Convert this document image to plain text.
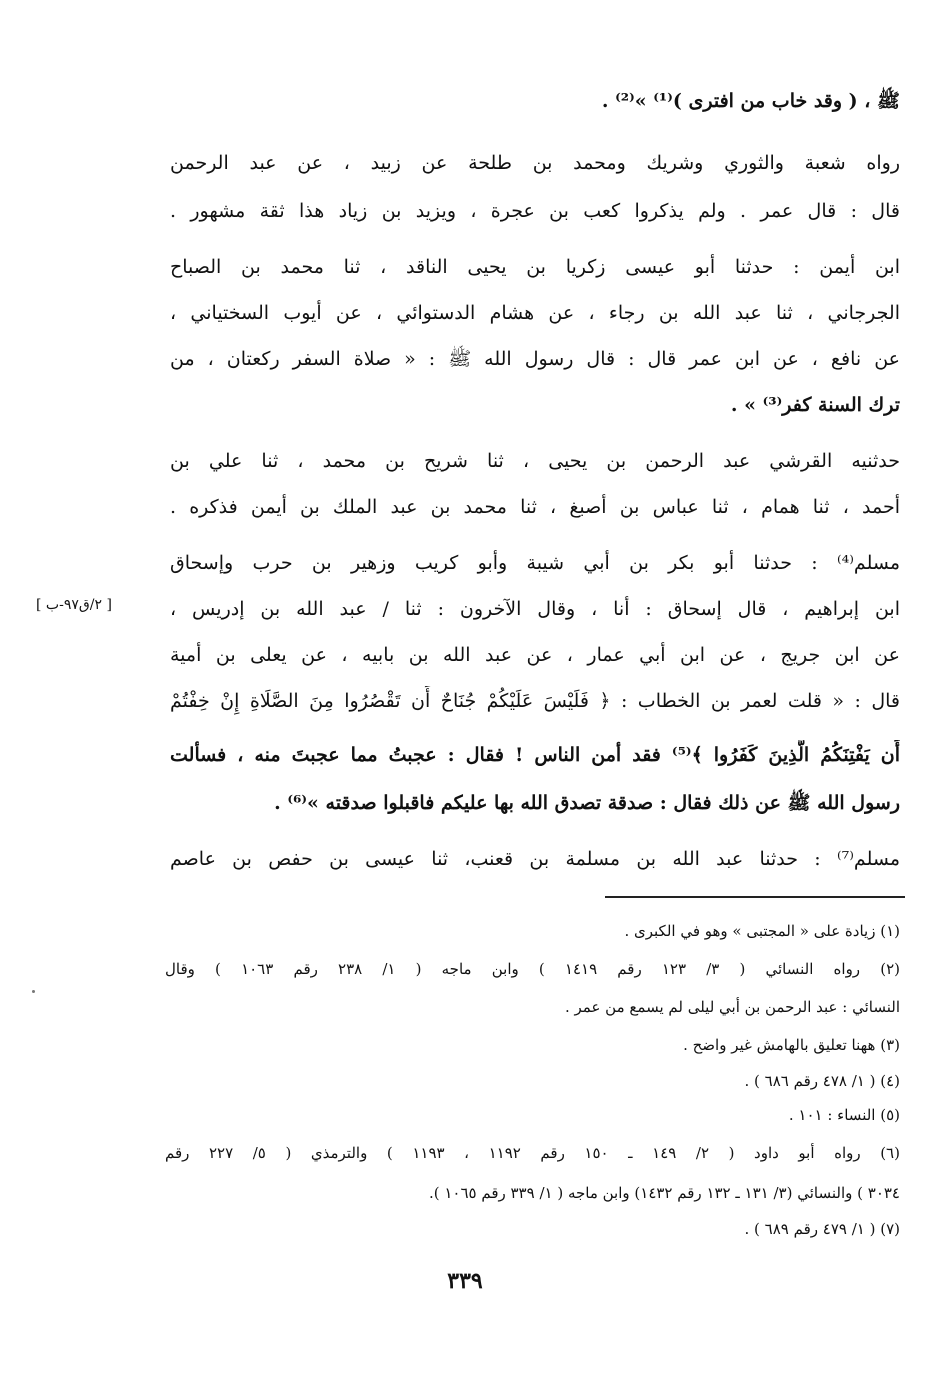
ﷺ ، ( وقد خاب من افترى )⁽¹⁾ »⁽²⁾ .
رواه شعبة والثوري وشريك ومحمد بن طلحة عن زبيد ، عن عبد الرحمن
قال : قال عمر . ولم يذكروا كعب بن عجرة ، ويزيد بن زياد هذا ثقة مشهور .
ابن أيمن : حدثنا أبو عيسى زكريا بن يحيى الناقد ، ثنا محمد بن الصباح
الجرجاني ، ثنا عبد الله بن رجاء ، عن هشام الدستوائي ، عن أيوب السختياني ،
عن نافع ، عن ابن عمر قال : قال رسول الله ﷺ : « صلاة السفر ركعتان ، من
ترك السنة كفر⁽³⁾ » .
حدثنيه القرشي عبد الرحمن بن يحيى ، ثنا شريح بن محمد ، ثنا علي بن
أحمد ، ثنا همام ، ثنا عباس بن أصبغ ، ثنا محمد بن عبد الملك بن أيمن فذكره .
مسلم⁽⁴⁾ : حدثنا أبو بكر بن أبي شيبة وأبو كريب وزهير بن حرب وإسحاق
ابن إبراهيم ، قال إسحاق : أنا ، وقال الآخرون : ثنا / عبد الله بن إدريس ،
عن ابن جريج ، عن ابن أبي عمار ، عن عبد الله بن بابيه ، عن يعلى بن أمية
قال : « قلت لعمر بن الخطاب : ﴿ فَلَيْسَ عَلَيْكُمْ جُنَاحٌ أَن تَقْصُرُوا مِنَ الصَّلَاةِ إِنْ خِفْتُمْ
أَن يَفْتِنَكُمُ الَّذِينَ كَفَرُوا ﴾⁽⁵⁾ فقد أمن الناس ! فقال : عجبتُ مما عجبتَ منه ، فسألت
رسول الله ﷺ عن ذلك فقال : صدقة تصدق الله بها عليكم فاقبلوا صدقته »⁽⁶⁾ .
مسلم⁽⁷⁾ : حدثنا عبد الله بن مسلمة بن قعنب، ثنا عيسى بن حفص بن عاصم
[ ٢/ق٩٧-ب ]
(١) زيادة على « المجتبى » وهو في الكبرى .
(٢) رواه النسائي ( ٣/ ١٢٣ رقم ١٤١٩ ) وابن ماجه ( ١/ ٢٣٨ رقم ١٠٦٣ ) وقال
النسائي : عبد الرحمن بن أبي ليلى لم يسمع من عمر .
(٣) ههنا تعليق بالهامش غير واضح .
(٤) ( ١/ ٤٧٨ رقم ٦٨٦ ) .
(٥) النساء : ١٠١ .
(٦) رواه أبو داود ( ٢/ ١٤٩ ـ ١٥٠ رقم ١١٩٢ ، ١١٩٣ ) والترمذي ( ٥/ ٢٢٧ رقم
٣٠٣٤ ) والنسائي (٣/ ١٣١ ـ ١٣٢ رقم ١٤٣٢) وابن ماجه ( ١/ ٣٣٩ رقم ١٠٦٥ ).
(٧) ( ١/ ٤٧٩ رقم ٦٨٩ ) .
٣٣٩
